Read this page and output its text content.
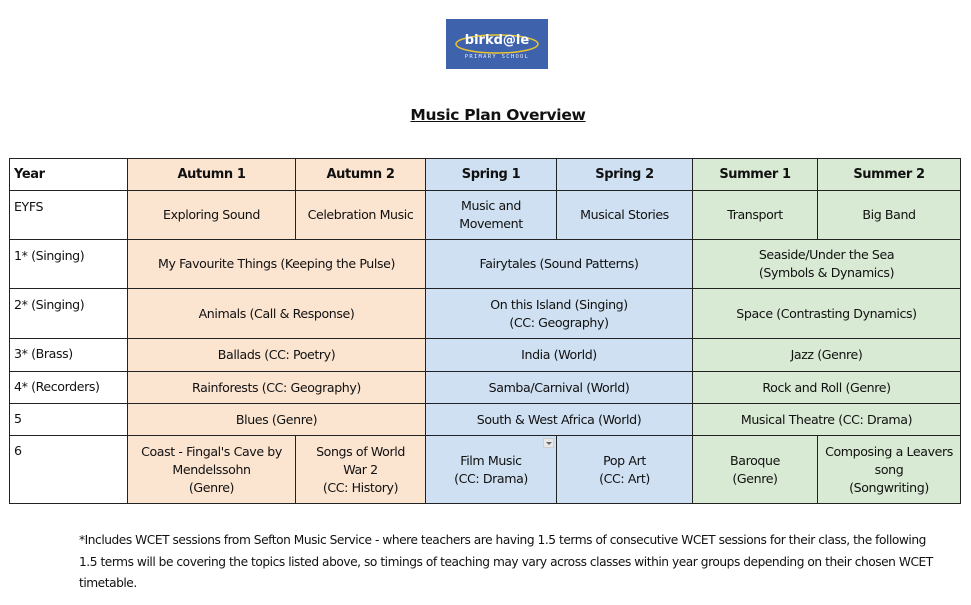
birkd@le
PRIMARY SCHOOL
Music Plan Overview
Year	Autumn 1	Autumn 2	Spring 1	Spring 2	Summer 1	Summer 2
EYFS	Exploring Sound	Celebration Music	Music and
Movement	Musical Stories	Transport	Big Band
1* (Singing)	My Favourite Things (Keeping the Pulse)		Fairytales (Sound Patterns)		Seaside/Under the Sea
(Symbols & Dynamics)	
2* (Singing)	Animals (Call & Response)		On this Island (Singing)
(CC: Geography)		Space (Contrasting Dynamics)	
3* (Brass)	Ballads (CC: Poetry)		India (World)		Jazz (Genre)	
4* (Recorders)	Rainforests (CC: Geography)		Samba/Carnival (World)		Rock and Roll (Genre)	
5	Blues (Genre)		South & West Africa (World)		Musical Theatre (CC: Drama)	
6	Coast - Fingal's Cave by
Mendelssohn
(Genre)	Songs of World
War 2
(CC: History)	Film Music
(CC: Drama)	Pop Art
(CC: Art)	Baroque
(Genre)	Composing a Leavers
song
(Songwriting)
*Includes WCET sessions from Sefton Music Service - where teachers are having 1.5 terms of consecutive WCET sessions for their class, the following 1.5 terms will be covering the topics listed above, so timings of teaching may vary across classes within year groups depending on their chosen WCET timetable.
